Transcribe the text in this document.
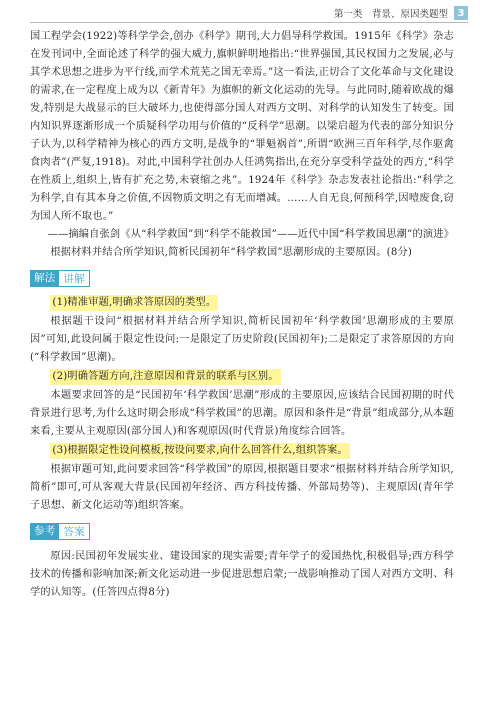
第一类　背景、原因类题型 3

国工程学会(1922)等科学学会,创办《科学》期刊,大力倡导科学救国。1915年《科学》杂志在发刊词中,全面论述了科学的强大威力,旗帜鲜明地指出:“世界强国,其民权国力之发展,必与其学术思想之进步为平行线,而学术荒芜之国无幸焉。”这一看法,正切合了文化革命与文化建设的需求,在一定程度上成为以《新青年》为旗帜的新文化运动的先导。与此同时,随着欧战的爆发,特别是大战显示的巨大破坏力,也使得部分国人对西方文明、对科学的认知发生了转变。国内知识界逐渐形成一个质疑科学功用与价值的“反科学”思潮。以梁启超为代表的部分知识分子认为,以科学精神为核心的西方文明,是战争的“罪魁祸首”,所谓“欧洲三百年科学,尽作驱禽食肉者”(严复,1918)。对此,中国科学社创办人任鸿隽指出,在充分享受科学益处的西方,“科学在性质上,组织上,皆有扩充之势,未衰缩之兆”。1924年《科学》杂志发表社论指出:“科学之为科学,自有其本身之价值,不因物质文明之有无而增减。……人自无良,何预科学,因噎废食,窃为国人所不取也。”

——摘编自张剑《从“科学救国”到“科学不能救国”——近代中国“科学救国思潮”的演进》

根据材料并结合所学知识,简析民国初年“科学救国”思潮形成的主要原因。(8分)

解法 讲解
(1)精准审题,明确求答原因的类型。

根据题干设问“根据材料并结合所学知识,简析民国初年‘科学救国’思潮形成的主要原因”可知,此设问属于限定性设问:一是限定了历史阶段(民国初年);二是限定了求答原因的方向(“科学救国”思潮)。

(2)明确答题方向,注意原因和背景的联系与区别。

本题要求回答的是“民国初年‘科学救国’思潮”形成的主要原因,应该结合民国初期的时代背景进行思考,为什么这时期会形成“科学救国”的思潮。原因和条件是“背景”组成部分,从本题来看,主要从主观原因(部分国人)和客观原因(时代背景)角度综合回答。

(3)根据限定性设问模板,按设问要求,向什么回答什么,组织答案。

根据审题可知,此问要求回答“科学救国”的原因,根据题目要求“根据材料并结合所学知识,简析”即可,可从客观大背景(民国初年经济、西方科技传播、外部局势等)、主观原因(青年学子思想、新文化运动等)组织答案。

参考 答案

原因:民国初年发展实业、建设国家的现实需要;青年学子的爱国热忱,积极倡导;西方科学技术的传播和影响加深;新文化运动进一步促进思想启蒙;一战影响推动了国人对西方文明、科学的认知等。(任答四点得8分)
